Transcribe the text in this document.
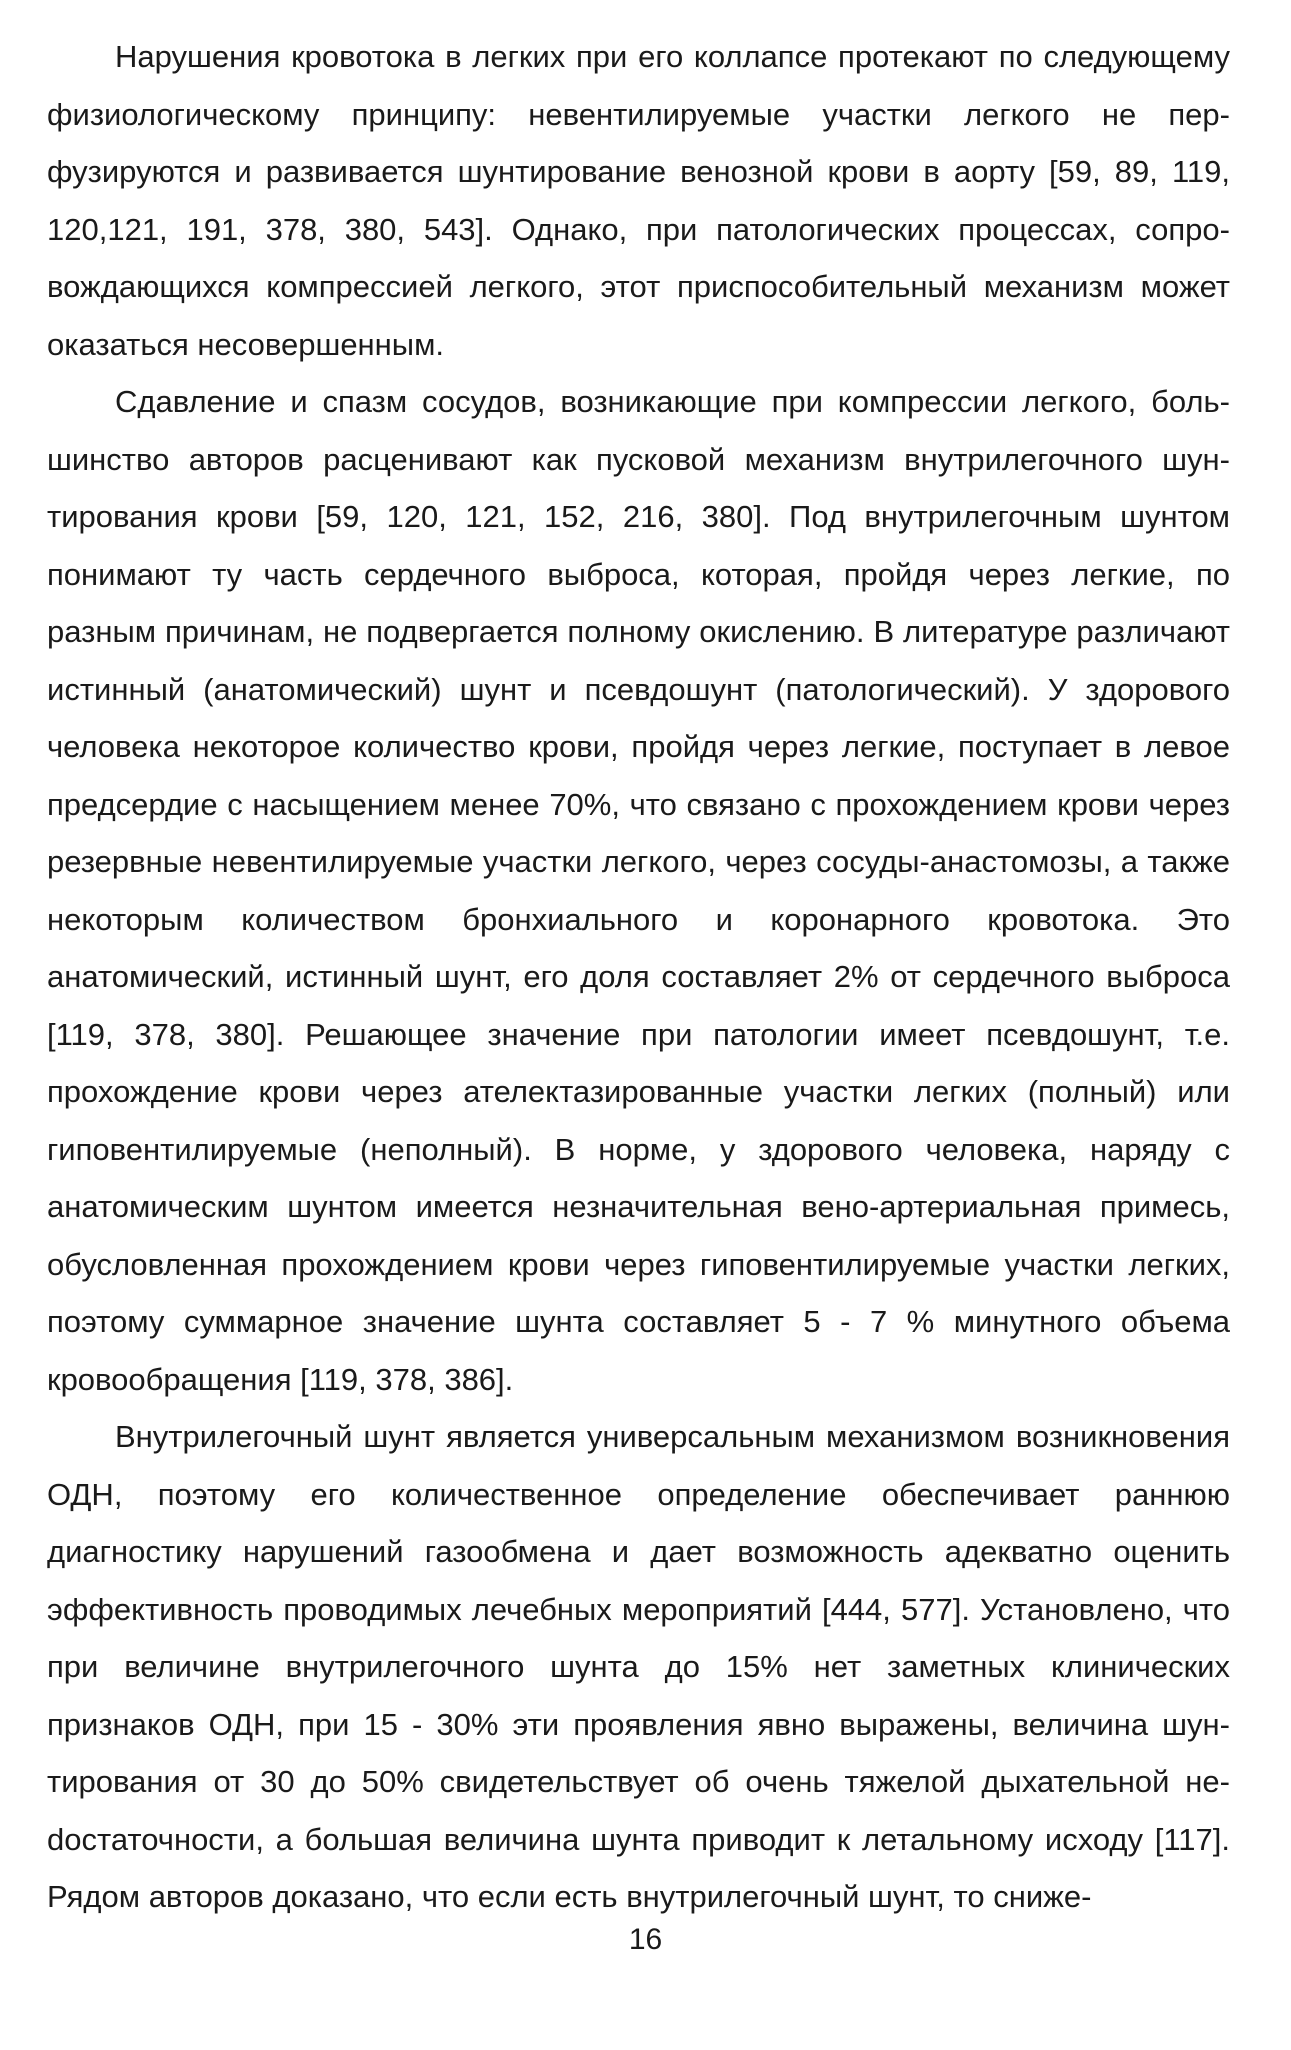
Нарушения кровотока в легких при его коллапсе протекают по следующему физиологическому принципу: невентилируемые участки легкого не перфузируются и развивается шунтирование венозной крови в аорту [59, 89, 119, 120,121, 191, 378, 380, 543]. Однако, при патологических процессах, сопровождающихся компрессией легкого, этот приспособительный механизм может оказаться несовершенным.

Сдавление и спазм сосудов, возникающие при компрессии легкого, большинство авторов расценивают как пусковой механизм внутрилегочного шунтирования крови [59, 120, 121, 152, 216, 380]. Под внутрилегочным шунтом понимают ту часть сердечного выброса, которая, пройдя через легкие, по разным причинам, не подвергается полному окислению. В литературе различают истинный (анатомический) шунт и псевдошунт (патологический). У здорового человека некоторое количество крови, пройдя через легкие, поступает в левое предсердие с насыщением менее 70%, что связано с прохождением крови через резервные невентилируемые участки легкого, через сосуды-анастомозы, а также некоторым количеством бронхиального и коронарного кровотока. Это анатомический, истинный шунт, его доля составляет 2% от сердечного выброса [119, 378, 380]. Решающее значение при патологии имеет псевдошунт, т.е. прохождение крови через ателектазированные участки легких (полный) или гиповентилируемые (неполный). В норме, у здорового человека, наряду с анатомическим шунтом имеется незначительная вено-артериальная примесь, обусловленная прохождением крови через гиповентилируемые участки легких, поэтому суммарное значение шунта составляет 5 - 7 % минутного объема кровообращения [119, 378, 386].

Внутрилегочный шунт является универсальным механизмом возникновения ОДН, поэтому его количественное определение обеспечивает раннюю диагностику нарушений газообмена и дает возможность адекватно оценить эффективность проводимых лечебных мероприятий [444, 577]. Установлено, что при величине внутрилегочного шунта до 15% нет заметных клинических признаков ОДН, при 15 - 30% эти проявления явно выражены, величина шунтирования от 30 до 50% свидетельствует об очень тяжелой дыхательной неdостаточности, а большая величина шунта приводит к летальному исходу [117]. Рядом авторов доказано, что если есть внутрилегочный шунт, то сниже-

16
